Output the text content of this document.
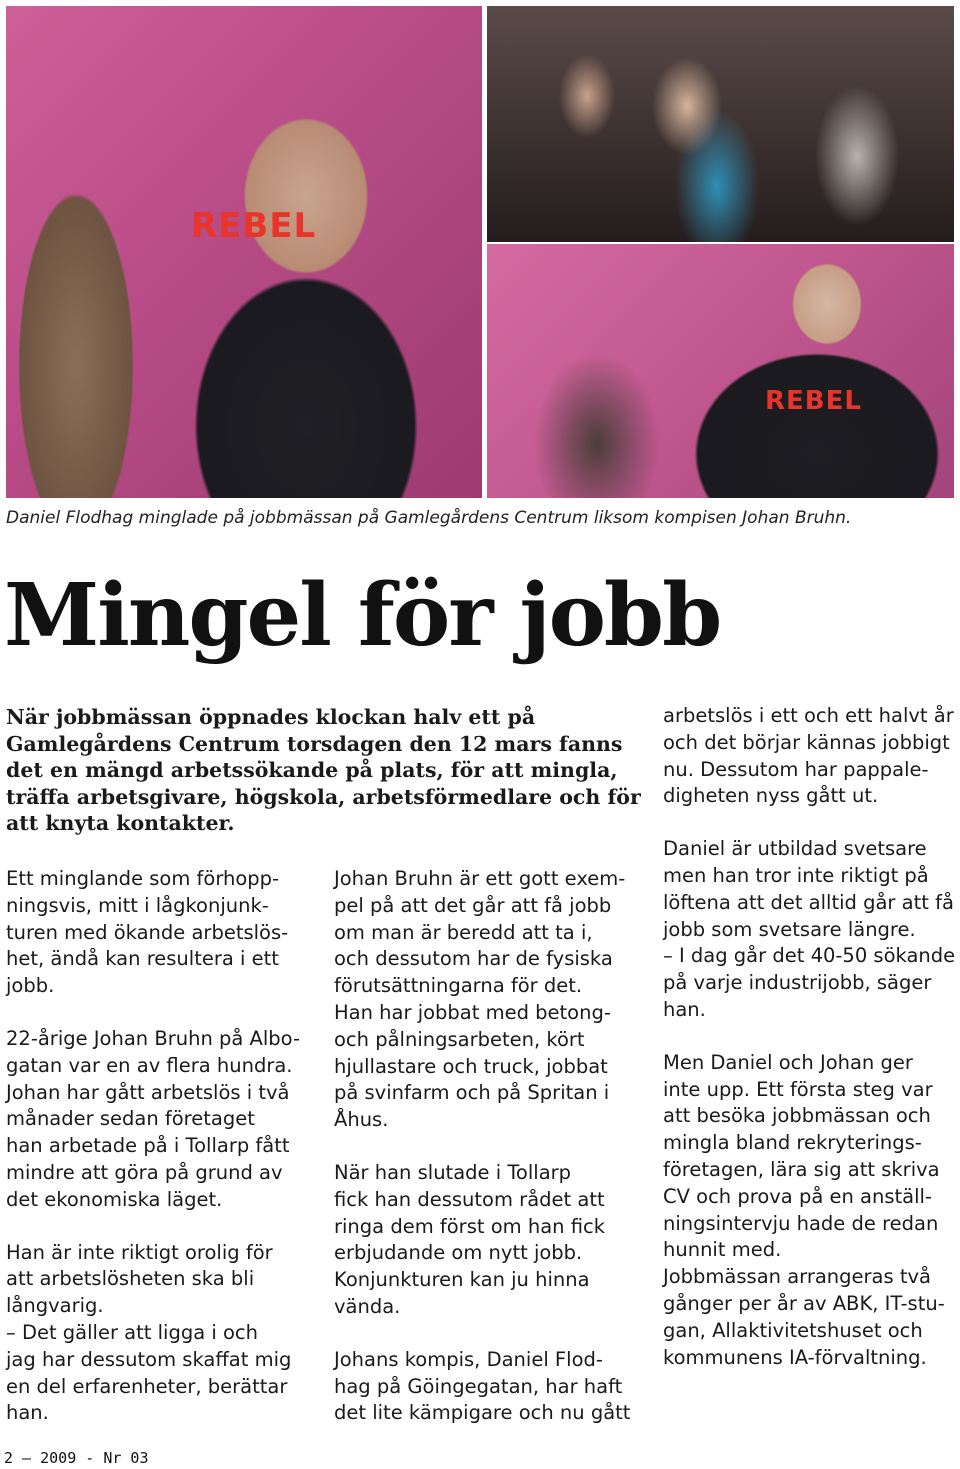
REBEL
REBEL

Daniel Flodhag minglade på jobbmässan på Gamlegårdens Centrum liksom kompisen Johan Bruhn.

Mingel för jobb

När jobbmässan öppnades klockan halv ett på Gamlegårdens Centrum torsdagen den 12 mars fanns det en mängd arbetssökande på plats, för att mingla, träffa arbetsgivare, högskola, arbetsförmedlare och för att knyta kontakter.

Ett minglande som förhopp-
ningsvis, mitt i lågkonjunk-
turen med ökande arbetslös-
het, ändå kan resultera i ett
jobb.

22-årige Johan Bruhn på Albo-
gatan var en av flera hundra.
Johan har gått arbetslös i två
månader sedan företaget
han arbetade på i Tollarp fått
mindre att göra på grund av
det ekonomiska läget.

Han är inte riktigt orolig för
att arbetslösheten ska bli
långvarig.
– Det gäller att ligga i och
jag har dessutom skaffat mig
en del erfarenheter, berättar
han.

Johan Bruhn är ett gott exem-
pel på att det går att få jobb
om man är beredd att ta i,
och dessutom har de fysiska
förutsättningarna för det.
Han har jobbat med betong-
och pålningsarbeten, kört
hjullastare och truck, jobbat
på svinfarm och på Spritan i
Åhus.

När han slutade i Tollarp
fick han dessutom rådet att
ringa dem först om han fick
erbjudande om nytt jobb.
Konjunkturen kan ju hinna
vända.

Johans kompis, Daniel Flod-
hag på Göingegatan, har haft
det lite kämpigare och nu gått

arbetslös i ett och ett halvt år
och det börjar kännas jobbigt
nu. Dessutom har pappale-
digheten nyss gått ut.

Daniel är utbildad svetsare
men han tror inte riktigt på
löftena att det alltid går att få
jobb som svetsare längre.
– I dag går det 40-50 sökande
på varje industrijobb, säger
han.

Men Daniel och Johan ger
inte upp. Ett första steg var
att besöka jobbmässan och
mingla bland rekryterings-
företagen, lära sig att skriva
CV och prova på en anställ-
ningsintervju hade de redan
hunnit med.
Jobbmässan arrangeras två
gånger per år av ABK, IT-stu-
gan, Allaktivitetshuset och
kommunens IA-förvaltning.

2 – 2009 - Nr 03
